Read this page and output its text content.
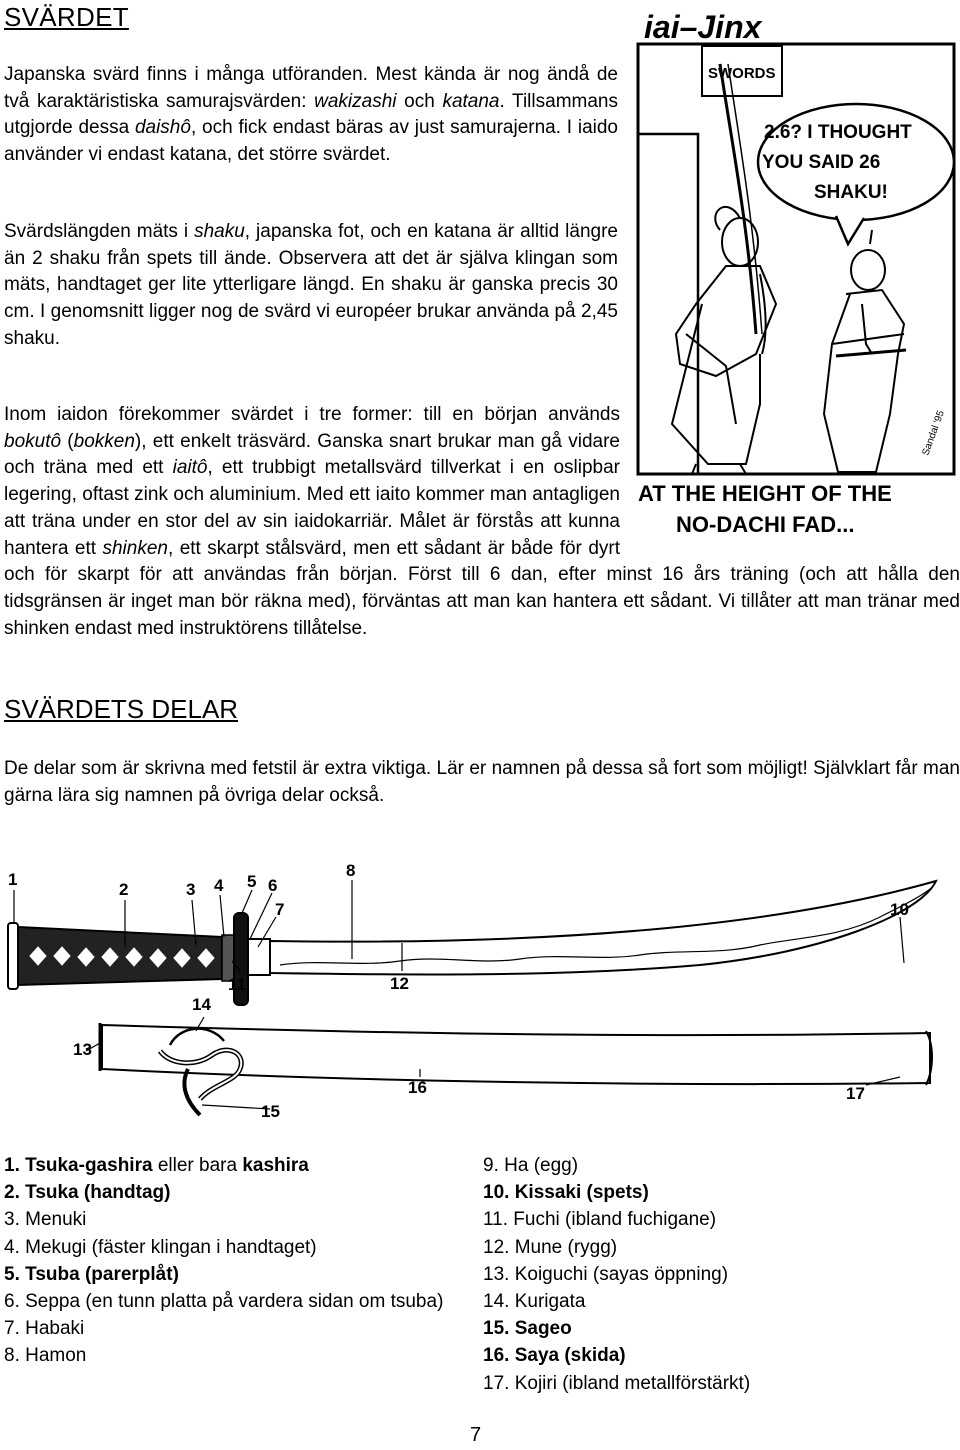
SVÄRDET

Japanska svärd finns i många utföranden. Mest kända är nog ändå de två karaktäristiska samurajsvärden: wakizashi och katana. Tillsammans utgjorde dessa daishô, och fick endast bäras av just samurajerna. I iaido använder vi endast katana, det större svärdet.

Svärdslängden mäts i shaku, japanska fot, och en katana är alltid längre än 2 shaku från spets till ände. Observera att det är själva klingan som mäts, handtaget ger lite ytterligare längd. En shaku är ganska precis 30 cm. I genomsnitt ligger nog de svärd vi européer brukar använda på 2,45 shaku.

Inom iaidon förekommer svärdet i tre former: till en början används bokutô (bokken), ett enkelt träsvärd. Ganska snart brukar man gå vidare och träna med ett iaitô, ett trubbigt metallsvärd tillverkat i en oslipbar legering, oftast zink och aluminium. Med ett iaito kommer man antagligen att träna under en stor del av sin iaidokarriär. Målet är förstås att kunna hantera ett shinken, ett skarpt stålsvärd, men ett sådant är både för dyrt och för skarpt för att användas från början. Först till 6 dan, efter minst 16 års träning (och att hålla den tidsgränsen är inget man bör räkna med), förväntas att man kan hantera ett sådant. Vi tillåter att man tränar med shinken endast med instruktörens tillåtelse.

iai–Jinx
SWORDS
2.6? I THOUGHT
YOU SAID 26
SHAKU!
Sandal '95
AT THE HEIGHT OF THE
NO-DACHI FAD...
SVÄRDETS DELAR

De delar som är skrivna med fetstil är extra viktiga. Lär er namnen på dessa så fort som möjligt! Självklart får man gärna lära sig namnen på övriga delar också.

1
2	3 4 5 6
7
8
10
11	12
13
14
15
16	17
1. Tsuka-gashira eller bara kashira
2. Tsuka (handtag)
3. Menuki
4. Mekugi (fäster klingan i handtaget)
5. Tsuba (parerplåt)
6. Seppa (en tunn platta på vardera sidan om tsuba)
7. Habaki
8. Hamon
9. Ha (egg)
10. Kissaki (spets)
11. Fuchi (ibland fuchigane)
12. Mune (rygg)
13. Koiguchi (sayas öppning)
14. Kurigata
15. Sageo
16. Saya (skida)
17. Kojiri (ibland metallförstärkt)
7
